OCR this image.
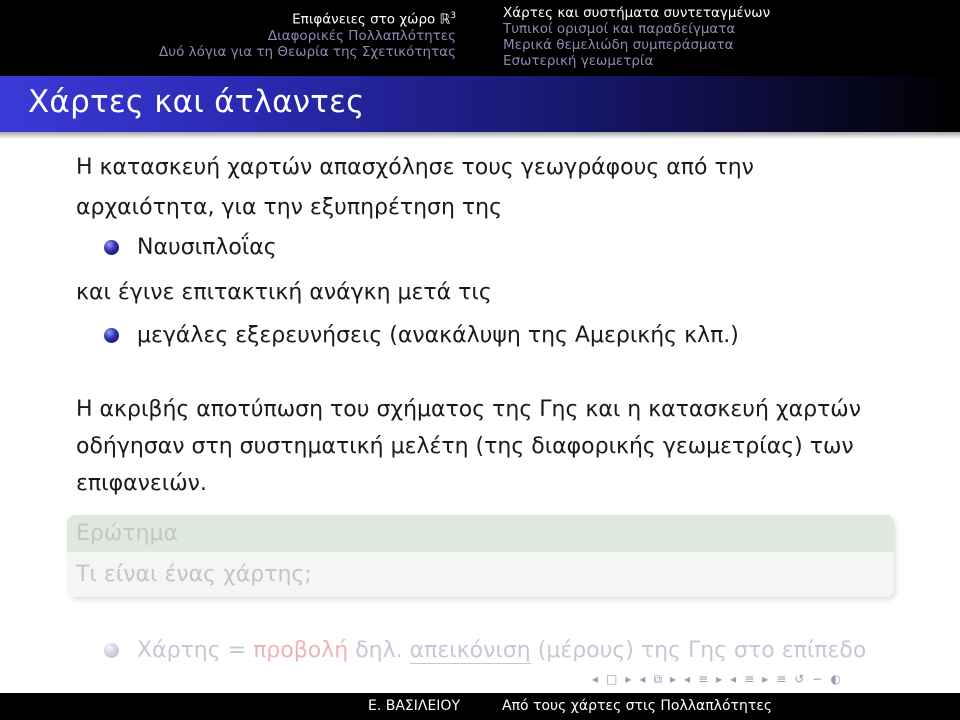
Επιφάνειες στο χώρο ℝ$^3$
Διαφορικές Πολλαπλότητες
Δυό λόγια για τη Θεωρία της Σχετικότητας
Χάρτες και συστήματα συντεταγμένων
Τυπικοί ορισμοί και παραδείγματα
Μερικά θεμελιώδη συμπεράσματα
Εσωτερική γεωμετρία
Χάρτες και άτλαντες
Η κατασκευή χαρτών απασχόλησε τους γεωγράφους από την
αρχαιότητα, για την εξυπηρέτηση της
Ναυσιπλοΐας
και έγινε επιτακτική ανάγκη μετά τις
μεγάλες εξερευνήσεις (ανακάλυψη της Αμερικής κλπ.)
Η ακριβής αποτύπωση του σχήματος της Γης και η κατασκευή χαρτών
οδήγησαν στη συστηματική μελέτη (της διαφορικής γεωμετρίας) των
επιφανειών.
Ερώτημα
Τι είναι ένας χάρτης;
Χάρτης = προβολή δηλ. απεικόνιση (μέρους) της Γης στο επίπεδο
◂ □ ▸ ◂ ⧉ ▸ ◂ ≡ ▸ ◂ ≡ ▸ ≡ ↺ ∽ ◐
Ε. ΒΑΣΙΛΕΙΟΥ	Από τους χάρτες στις Πολλαπλότητες
